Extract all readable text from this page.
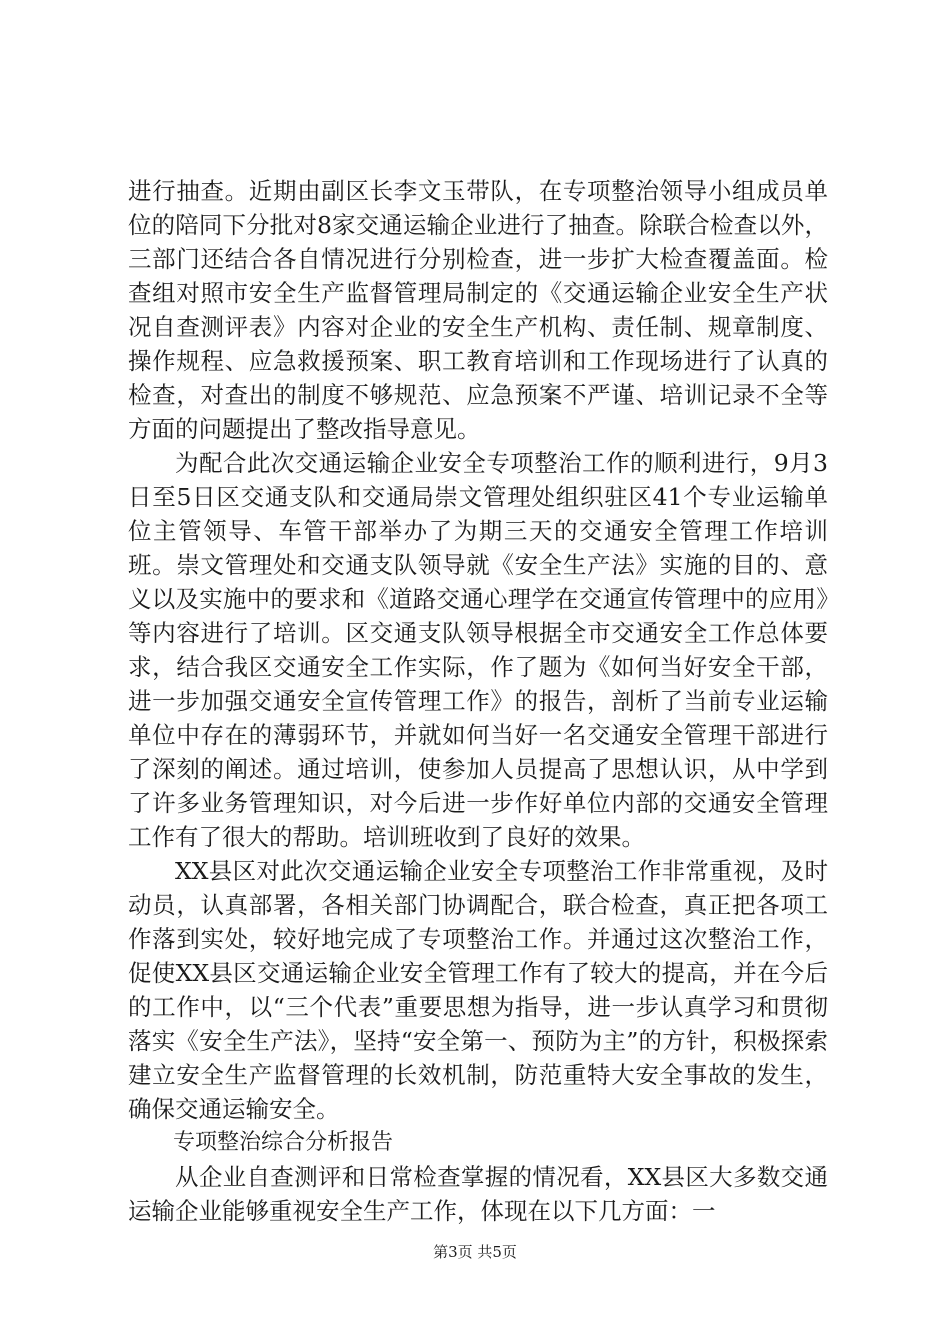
进行抽查。近期由副区长李文玉带队，在专项整治领导小组成员单位的陪同下分批对8家交通运输企业进行了抽查。除联合检查以外，三部门还结合各自情况进行分别检查，进一步扩大检查覆盖面。检查组对照市安全生产监督管理局制定的《交通运输企业安全生产状况自查测评表》内容对企业的安全生产机构、责任制、规章制度、操作规程、应急救援预案、职工教育培训和工作现场进行了认真的检查，对查出的制度不够规范、应急预案不严谨、培训记录不全等方面的问题提出了整改指导意见。

为配合此次交通运输企业安全专项整治工作的顺利进行，9月3日至5日区交通支队和交通局崇文管理处组织驻区41个专业运输单位主管领导、车管干部举办了为期三天的交通安全管理工作培训班。崇文管理处和交通支队领导就《安全生产法》实施的目的、意义以及实施中的要求和《道路交通心理学在交通宣传管理中的应用》等内容进行了培训。区交通支队领导根据全市交通安全工作总体要求，结合我区交通安全工作实际，作了题为《如何当好安全干部，进一步加强交通安全宣传管理工作》的报告，剖析了当前专业运输单位中存在的薄弱环节，并就如何当好一名交通安全管理干部进行了深刻的阐述。通过培训，使参加人员提高了思想认识，从中学到了许多业务管理知识，对今后进一步作好单位内部的交通安全管理工作有了很大的帮助。培训班收到了良好的效果。

XX县区对此次交通运输企业安全专项整治工作非常重视，及时动员，认真部署，各相关部门协调配合，联合检查，真正把各项工作落到实处，较好地完成了专项整治工作。并通过这次整治工作，促使XX县区交通运输企业安全管理工作有了较大的提高，并在今后的工作中，以“三个代表”重要思想为指导，进一步认真学习和贯彻落实《安全生产法》，坚持“安全第一、预防为主”的方针，积极探索建立安全生产监督管理的长效机制，防范重特大安全事故的发生，确保交通运输安全。

专项整治综合分析报告

从企业自查测评和日常检查掌握的情况看，XX县区大多数交通运输企业能够重视安全生产工作，体现在以下几方面：一

第3页 共5页
